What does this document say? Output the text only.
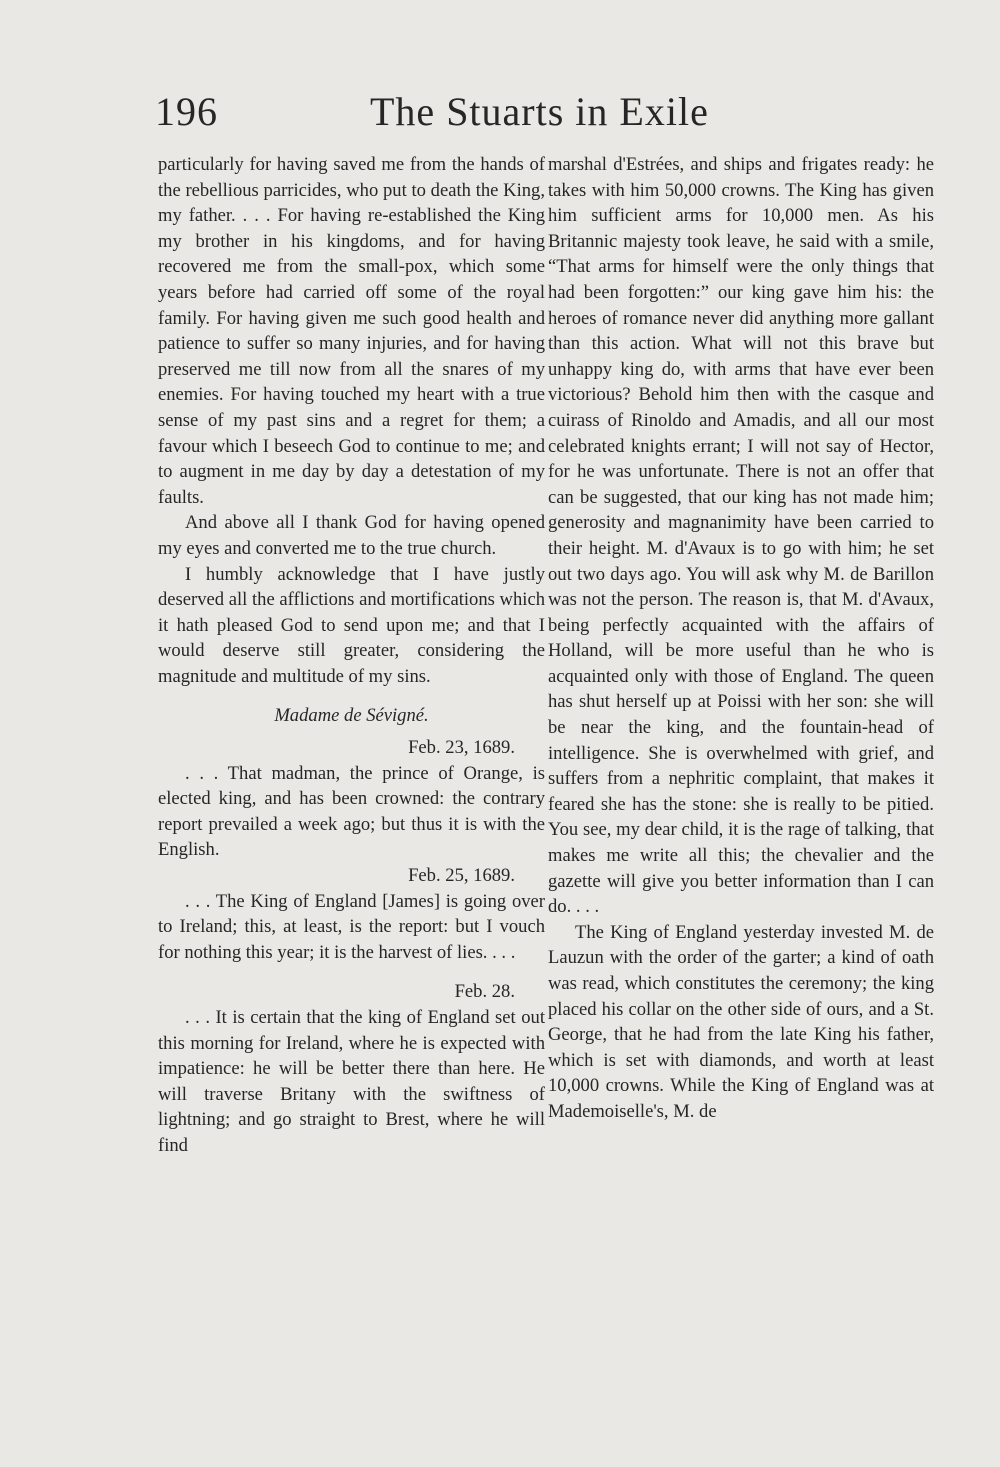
196	The Stuarts in Exile

particularly for having saved me from the hands of the rebellious parricides, who put to death the King, my father. . . . For having re-established the King my brother in his kingdoms, and for having recovered me from the small-pox, which some years before had carried off some of the royal family. For having given me such good health and patience to suffer so many injuries, and for having preserved me till now from all the snares of my enemies. For having touched my heart with a true sense of my past sins and a regret for them; a favour which I beseech God to continue to me; and to augment in me day by day a detestation of my faults.

And above all I thank God for having opened my eyes and converted me to the true church.

I humbly acknowledge that I have justly deserved all the afflictions and mortifications which it hath pleased God to send upon me; and that I would deserve still greater, considering the magnitude and multitude of my sins.

Madame de Sévigné.

Feb. 23, 1689.

. . . That madman, the prince of Orange, is elected king, and has been crowned: the contrary report prevailed a week ago; but thus it is with the English.

Feb. 25, 1689.

. . . The King of England [James] is going over to Ireland; this, at least, is the report: but I vouch for nothing this year; it is the harvest of lies. . . .

Feb. 28.

. . . It is certain that the king of England set out this morning for Ireland, where he is expected with impatience: he will be better there than here. He will traverse Britany with the swiftness of lightning; and go straight to Brest, where he will find

marshal d'Estrées, and ships and frigates ready: he takes with him 50,000 crowns. The King has given him sufficient arms for 10,000 men. As his Britannic majesty took leave, he said with a smile, “That arms for himself were the only things that had been forgotten:” our king gave him his: the heroes of romance never did anything more gallant than this action. What will not this brave but unhappy king do, with arms that have ever been victorious? Behold him then with the casque and cuirass of Rinoldo and Amadis, and all our most celebrated knights errant; I will not say of Hector, for he was unfortunate. There is not an offer that can be suggested, that our king has not made him; generosity and magnanimity have been carried to their height. M. d'Avaux is to go with him; he set out two days ago. You will ask why M. de Barillon was not the person. The reason is, that M. d'Avaux, being perfectly acquainted with the affairs of Holland, will be more useful than he who is acquainted only with those of England. The queen has shut herself up at Poissi with her son: she will be near the king, and the fountain-head of intelligence. She is overwhelmed with grief, and suffers from a nephritic complaint, that makes it feared she has the stone: she is really to be pitied. You see, my dear child, it is the rage of talking, that makes me write all this; the chevalier and the gazette will give you better information than I can do. . . .

The King of England yesterday invested M. de Lauzun with the order of the garter; a kind of oath was read, which constitutes the ceremony; the king placed his collar on the other side of ours, and a St. George, that he had from the late King his father, which is set with diamonds, and worth at least 10,000 crowns. While the King of England was at Mademoiselle's, M. de
